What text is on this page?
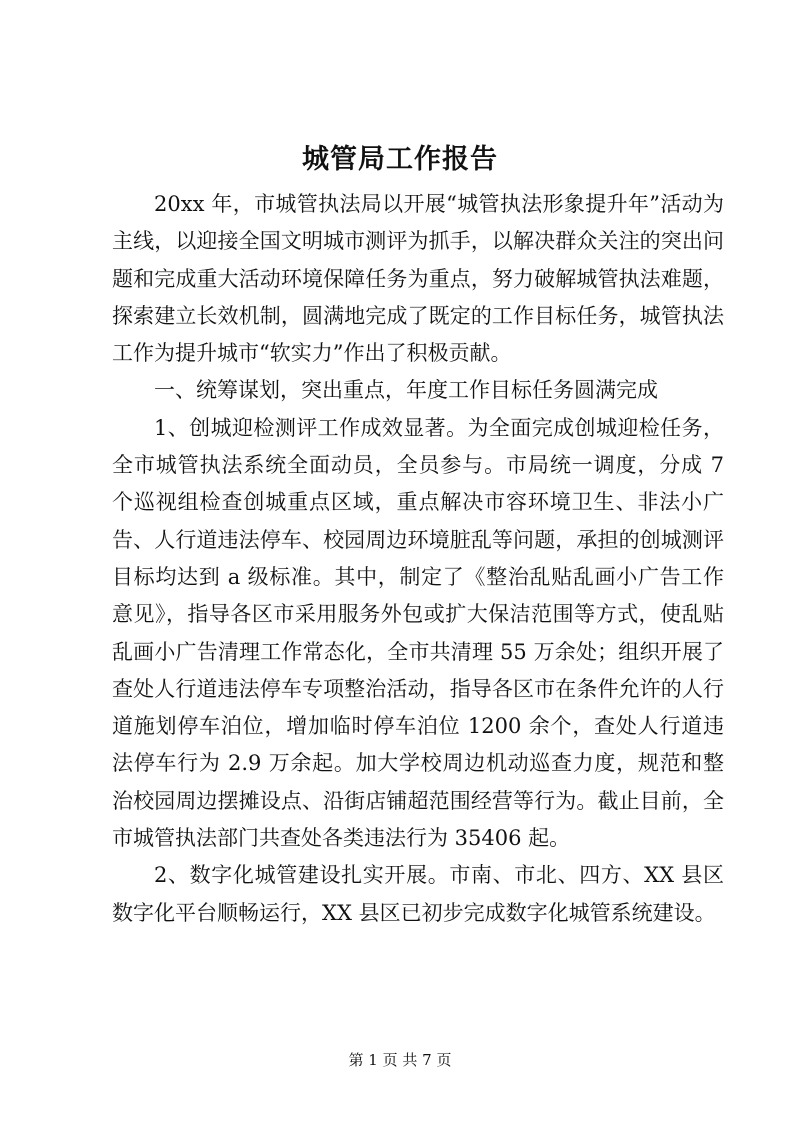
城管局工作报告

20xx 年，市城管执法局以开展“城管执法形象提升年”活动为主线，以迎接全国文明城市测评为抓手，以解决群众关注的突出问题和完成重大活动环境保障任务为重点，努力破解城管执法难题，探索建立长效机制，圆满地完成了既定的工作目标任务，城管执法工作为提升城市“软实力”作出了积极贡献。

一、统筹谋划，突出重点，年度工作目标任务圆满完成

1、创城迎检测评工作成效显著。为全面完成创城迎检任务，全市城管执法系统全面动员，全员参与。市局统一调度，分成 7 个巡视组检查创城重点区域，重点解决市容环境卫生、非法小广告、人行道违法停车、校园周边环境脏乱等问题，承担的创城测评目标均达到 a 级标准。其中，制定了《整治乱贴乱画小广告工作意见》，指导各区市采用服务外包或扩大保洁范围等方式，使乱贴乱画小广告清理工作常态化，全市共清理 55 万余处；组织开展了查处人行道违法停车专项整治活动，指导各区市在条件允许的人行道施划停车泊位，增加临时停车泊位 1200 余个，查处人行道违法停车行为 2.9 万余起。加大学校周边机动巡查力度，规范和整治校园周边摆摊设点、沿街店铺超范围经营等行为。截止目前，全市城管执法部门共查处各类违法行为 35406 起。

2、数字化城管建设扎实开展。市南、市北、四方、XX 县区数字化平台顺畅运行，XX 县区已初步完成数字化城管系统建设。

第 1 页 共 7 页
